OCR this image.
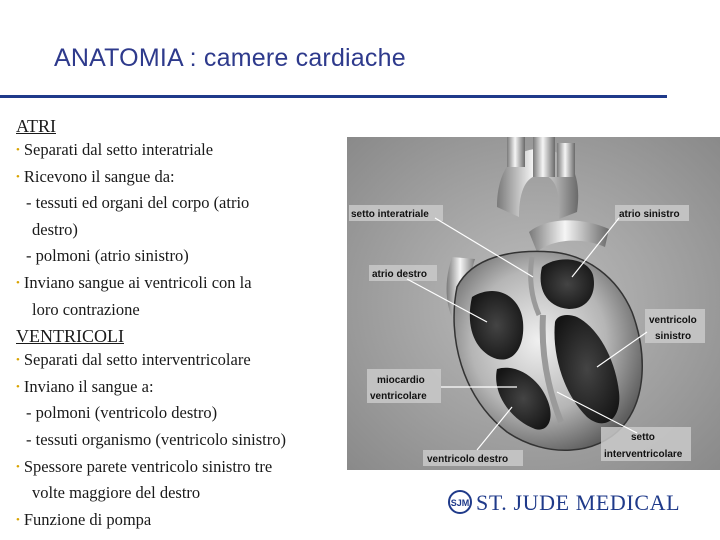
ANATOMIA : camere cardiache
ATRI
• Separati dal setto interatriale
• Ricevono il sangue da:
- tessuti ed organi del corpo (atrio
destro)
- polmoni (atrio sinistro)
• Inviano sangue ai ventricoli con la
loro contrazione
VENTRICOLI
• Separati dal setto interventricolare
• Inviano il sangue a:
- polmoni (ventricolo destro)
- tessuti organismo (ventricolo sinistro)
• Spessore parete ventricolo sinistro tre
volte maggiore del destro
• Funzione di pompa
setto interatriale	atrio sinistro
atrio destro
ventricolo
sinistro
miocardio
ventricolare
setto
interventricolare
ventricolo destro
SJM ST. JUDE MEDICAL
